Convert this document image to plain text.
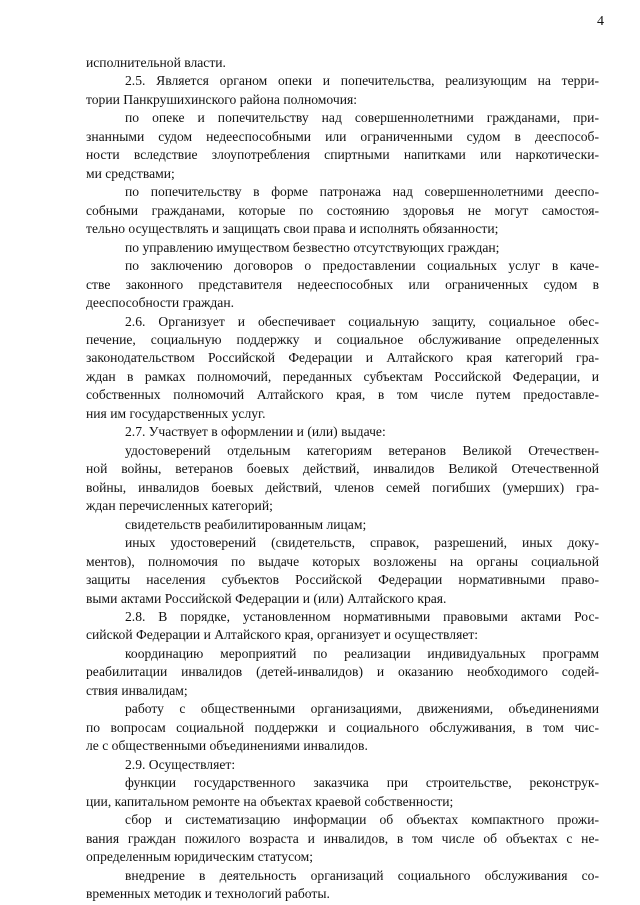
4
исполнительной власти.
2.5. Является органом опеки и попечительства, реализующим на терри-
тории Панкрушихинского района полномочия:
по опеке и попечительству над совершеннолетними гражданами, при-
знанными судом недееспособными или ограниченными судом в дееспособ-
ности вследствие злоупотребления спиртными напитками или наркотически-
ми средствами;
по попечительству в форме патронажа над совершеннолетними дееспо-
собными гражданами, которые по состоянию здоровья не могут самостоя-
тельно осуществлять и защищать свои права и исполнять обязанности;
по управлению имуществом безвестно отсутствующих граждан;
по заключению договоров о предоставлении социальных услуг в каче-
стве законного представителя недееспособных или ограниченных судом в
дееспособности граждан.
2.6. Организует и обеспечивает социальную защиту, социальное обес-
печение, социальную поддержку и социальное обслуживание определенных
законодательством Российской Федерации и Алтайского края категорий гра-
ждан в рамках полномочий, переданных субъектам Российской Федерации, и
собственных полномочий Алтайского края, в том числе путем предоставле-
ния им государственных услуг.
2.7. Участвует в оформлении и (или) выдаче:
удостоверений отдельным категориям ветеранов Великой Отечествен-
ной войны, ветеранов боевых действий, инвалидов Великой Отечественной
войны, инвалидов боевых действий, членов семей погибших (умерших) гра-
ждан перечисленных категорий;
свидетельств реабилитированным лицам;
иных удостоверений (свидетельств, справок, разрешений, иных доку-
ментов), полномочия по выдаче которых возложены на органы социальной
защиты населения субъектов Российской Федерации нормативными право-
выми актами Российской Федерации и (или) Алтайского края.
2.8. В порядке, установленном нормативными правовыми актами Рос-
сийской Федерации и Алтайского края, организует и осуществляет:
координацию мероприятий по реализации индивидуальных программ
реабилитации инвалидов (детей-инвалидов) и оказанию необходимого содей-
ствия инвалидам;
работу с общественными организациями, движениями, объединениями
по вопросам социальной поддержки и социального обслуживания, в том чис-
ле с общественными объединениями инвалидов.
2.9. Осуществляет:
функции государственного заказчика при строительстве, реконструк-
ции, капитальном ремонте на объектах краевой собственности;
сбор и систематизацию информации об объектах компактного прожи-
вания граждан пожилого возраста и инвалидов, в том числе об объектах с не-
определенным юридическим статусом;
внедрение в деятельность организаций социального обслуживания со-
временных методик и технологий работы.
